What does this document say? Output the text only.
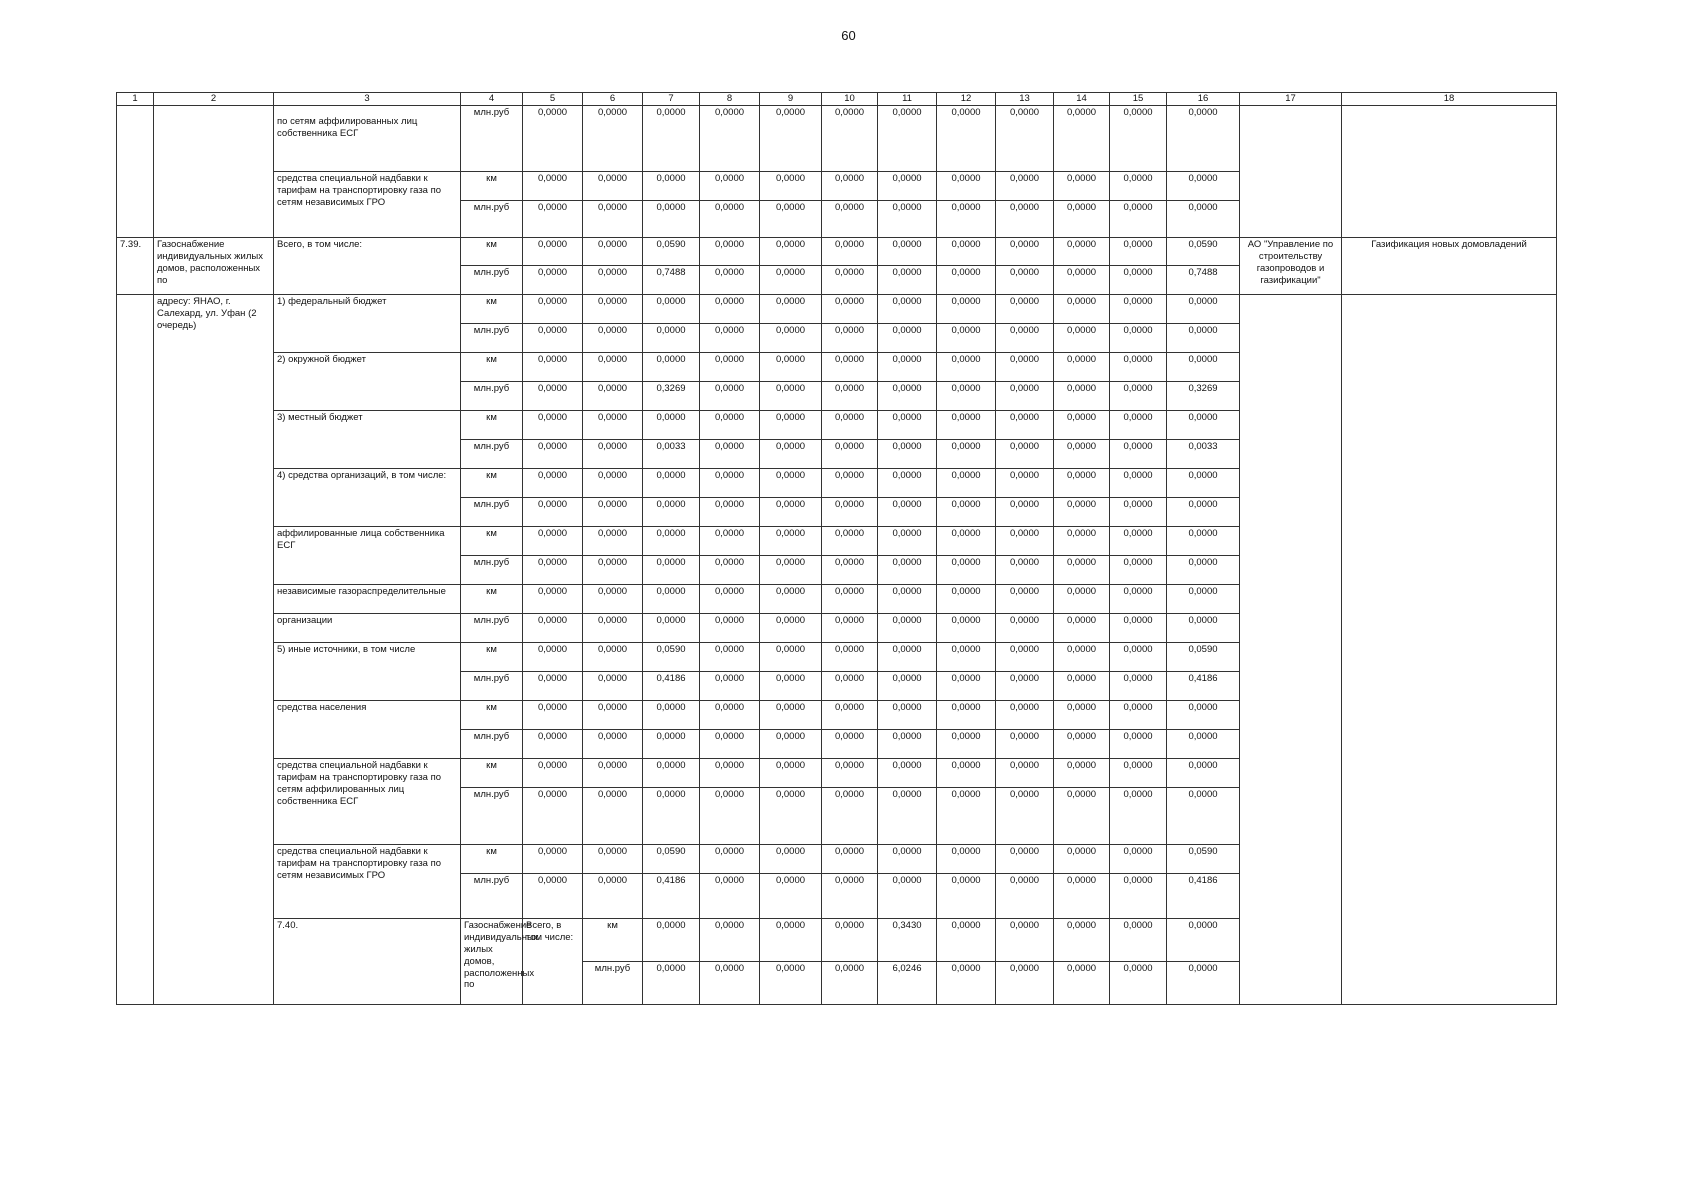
60
1	2	3	4	5	6	7	8	9	10	11	12	13	14	15	16	17	18	
		по сетям аффилированных лиц собственника ЕСГ	млн.руб	0,0000	0,0000	0,0000	0,0000	0,0000	0,0000	0,0000	0,0000	0,0000	0,0000	0,0000	0,0000			
		средства специальной надбавки к тарифам на транспортировку газа по сетям независимых ГРО	км	0,0000	0,0000	0,0000	0,0000	0,0000	0,0000	0,0000	0,0000	0,0000	0,0000	0,0000	0,0000			
			млн.руб	0,0000	0,0000	0,0000	0,0000	0,0000	0,0000	0,0000	0,0000	0,0000	0,0000	0,0000	0,0000			
7.39.	Газоснабжение индивидуальных жилых домов, расположенных по	Всего, в том числе:	км	0,0000	0,0000	0,0590	0,0000	0,0000	0,0000	0,0000	0,0000	0,0000	0,0000	0,0000	0,0590	АО "Управление по строительству газопроводов и газификации"	Газификация новых домовладений	
			млн.руб	0,0000	0,0000	0,7488	0,0000	0,0000	0,0000	0,0000	0,0000	0,0000	0,0000	0,0000	0,7488			
	адресу: ЯНАО, г. Салехард, ул. Уфан (2 очередь)	1) федеральный бюджет	км	0,0000	0,0000	0,0000	0,0000	0,0000	0,0000	0,0000	0,0000	0,0000	0,0000	0,0000	0,0000			
			млн.руб	0,0000	0,0000	0,0000	0,0000	0,0000	0,0000	0,0000	0,0000	0,0000	0,0000	0,0000	0,0000			
		2) окружной бюджет	км	0,0000	0,0000	0,0000	0,0000	0,0000	0,0000	0,0000	0,0000	0,0000	0,0000	0,0000	0,0000			
			млн.руб	0,0000	0,0000	0,3269	0,0000	0,0000	0,0000	0,0000	0,0000	0,0000	0,0000	0,0000	0,3269			
		3) местный бюджет	км	0,0000	0,0000	0,0000	0,0000	0,0000	0,0000	0,0000	0,0000	0,0000	0,0000	0,0000	0,0000			
			млн.руб	0,0000	0,0000	0,0033	0,0000	0,0000	0,0000	0,0000	0,0000	0,0000	0,0000	0,0000	0,0033			
		4) средства организаций, в том числе:	км	0,0000	0,0000	0,0000	0,0000	0,0000	0,0000	0,0000	0,0000	0,0000	0,0000	0,0000	0,0000			
			млн.руб	0,0000	0,0000	0,0000	0,0000	0,0000	0,0000	0,0000	0,0000	0,0000	0,0000	0,0000	0,0000			
		аффилированные лица собственника ЕСГ	км	0,0000	0,0000	0,0000	0,0000	0,0000	0,0000	0,0000	0,0000	0,0000	0,0000	0,0000	0,0000			
			млн.руб	0,0000	0,0000	0,0000	0,0000	0,0000	0,0000	0,0000	0,0000	0,0000	0,0000	0,0000	0,0000			
		независимые газораспределительные	км	0,0000	0,0000	0,0000	0,0000	0,0000	0,0000	0,0000	0,0000	0,0000	0,0000	0,0000	0,0000			
		организации	млн.руб	0,0000	0,0000	0,0000	0,0000	0,0000	0,0000	0,0000	0,0000	0,0000	0,0000	0,0000	0,0000			
		5) иные источники, в том числе	км	0,0000	0,0000	0,0590	0,0000	0,0000	0,0000	0,0000	0,0000	0,0000	0,0000	0,0000	0,0590			
			млн.руб	0,0000	0,0000	0,4186	0,0000	0,0000	0,0000	0,0000	0,0000	0,0000	0,0000	0,0000	0,4186			
		средства населения	км	0,0000	0,0000	0,0000	0,0000	0,0000	0,0000	0,0000	0,0000	0,0000	0,0000	0,0000	0,0000			
			млн.руб	0,0000	0,0000	0,0000	0,0000	0,0000	0,0000	0,0000	0,0000	0,0000	0,0000	0,0000	0,0000			
		средства специальной надбавки к тарифам на транспортировку газа по сетям аффилированных лиц собственника ЕСГ	км	0,0000	0,0000	0,0000	0,0000	0,0000	0,0000	0,0000	0,0000	0,0000	0,0000	0,0000	0,0000			
			млн.руб	0,0000	0,0000	0,0000	0,0000	0,0000	0,0000	0,0000	0,0000	0,0000	0,0000	0,0000	0,0000			
		средства специальной надбавки к тарифам на транспортировку газа по сетям независимых ГРО	км	0,0000	0,0000	0,0590	0,0000	0,0000	0,0000	0,0000	0,0000	0,0000	0,0000	0,0000	0,0590			
			млн.руб	0,0000	0,0000	0,4186	0,0000	0,0000	0,0000	0,0000	0,0000	0,0000	0,0000	0,0000	0,4186			
		7.40.	Газоснабжение индивидуальных жилых домов, расположенных по	Всего, в том числе:	км	0,0000	0,0000	0,0000	0,0000	0,3430	0,0000	0,0000	0,0000	0,0000	0,0000				
					млн.руб	0,0000	0,0000	0,0000	0,0000	6,0246	0,0000	0,0000	0,0000	0,0000	0,0000		
